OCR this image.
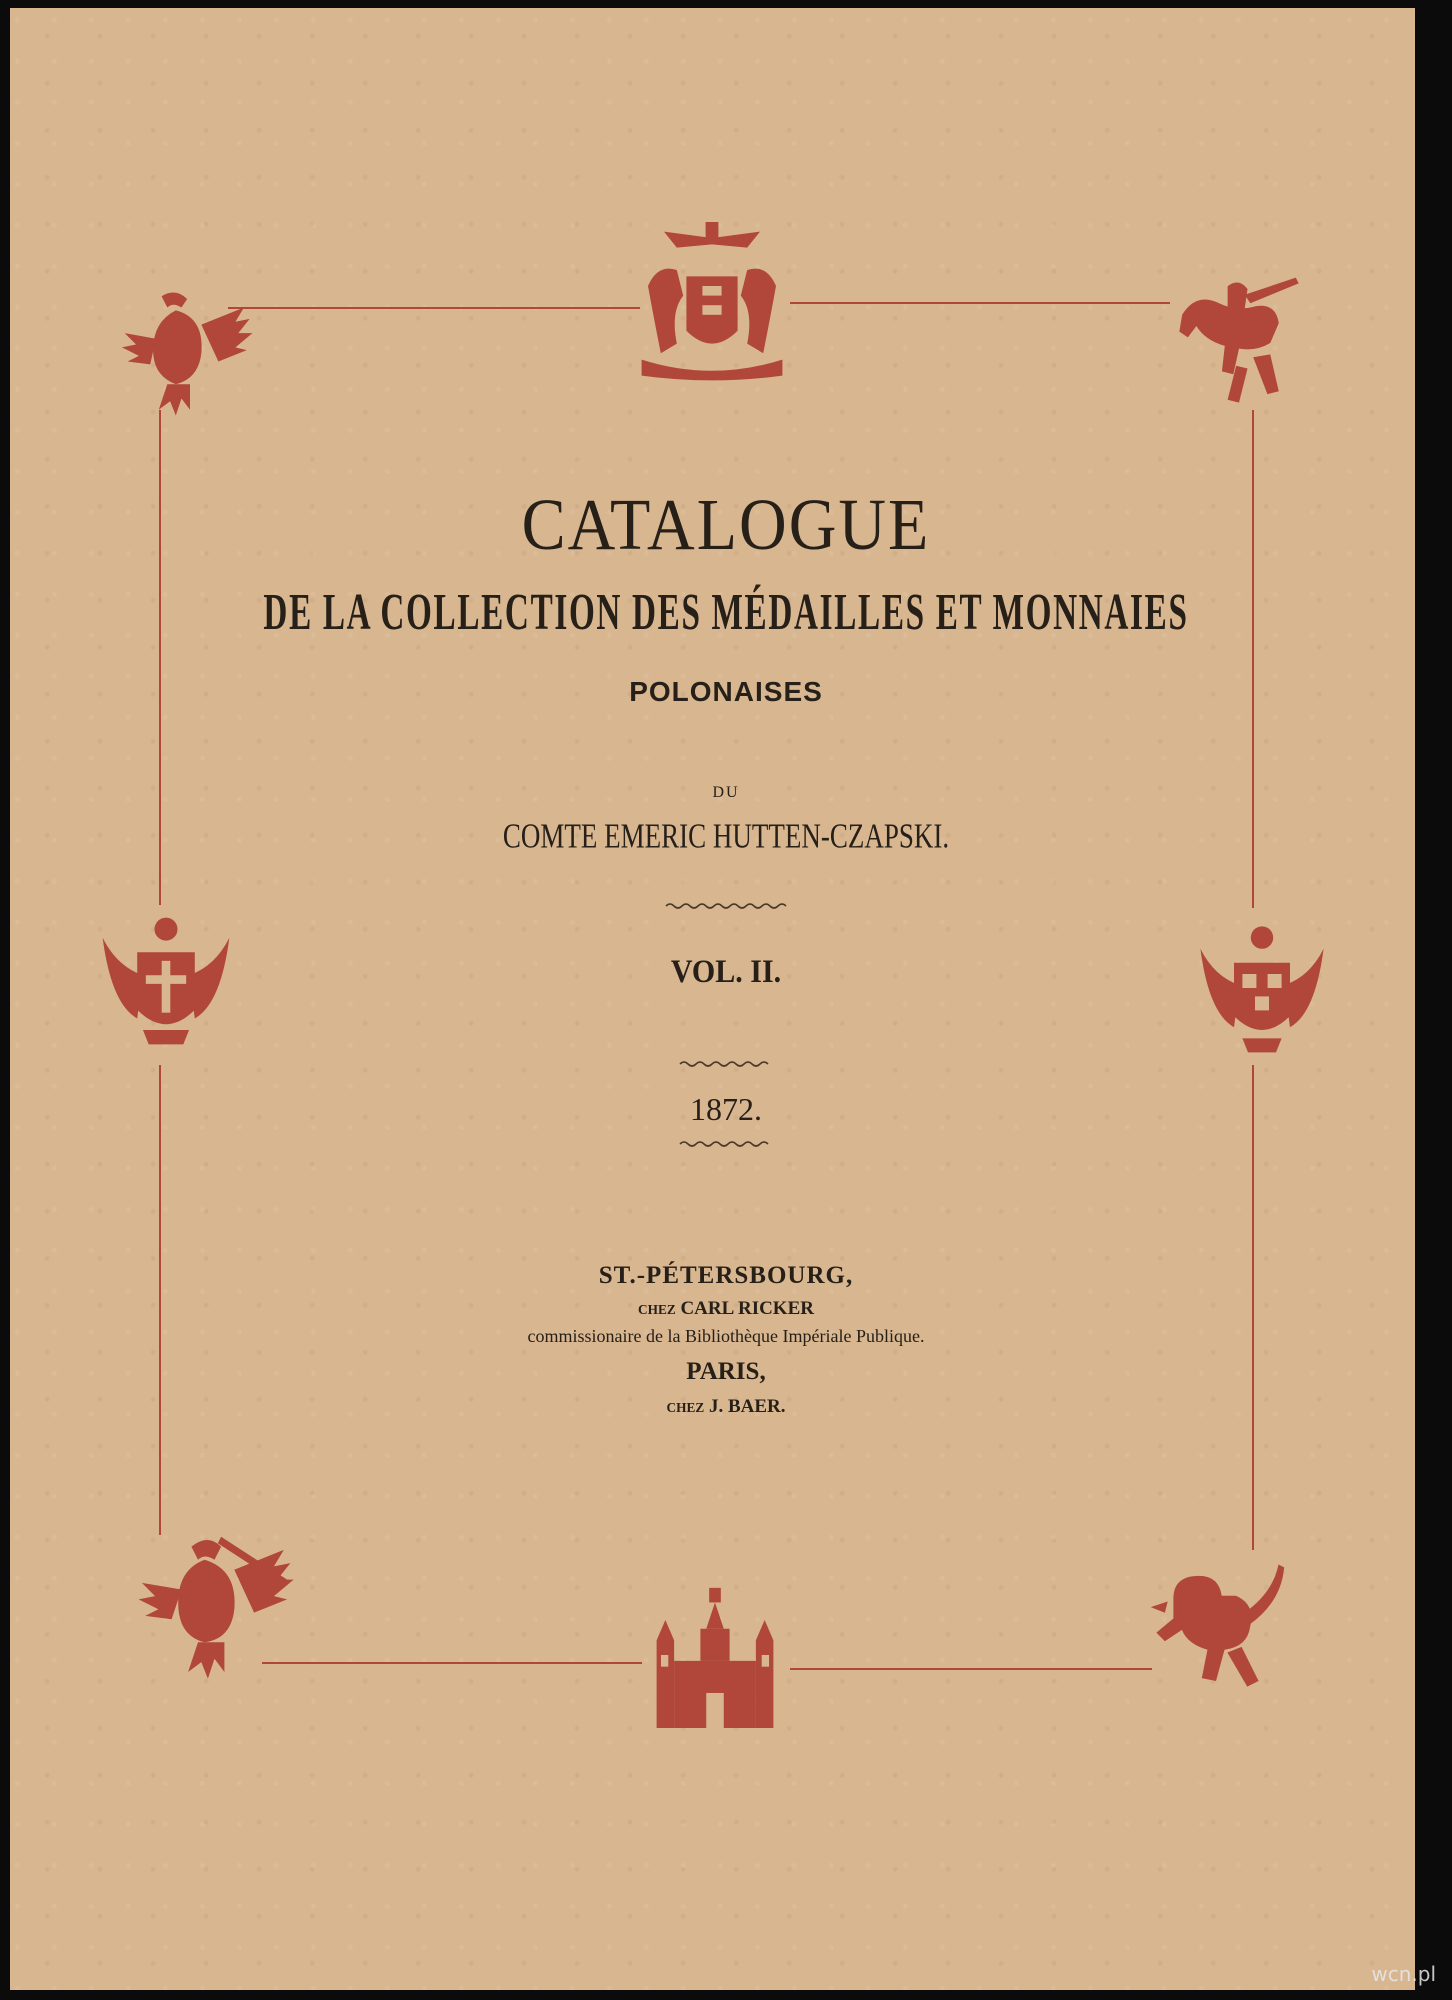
CATALOGUE
DE LA COLLECTION DES MÉDAILLES ET MONNAIES
POLONAISES
DU
COMTE EMERIC HUTTEN-CZAPSKI.
VOL. II.
1872.
ST.-PÉTERSBOURG,
CHEZ CARL RICKER
commissionaire de la Bibliothèque Impériale Publique.
PARIS,
CHEZ J. BAER.
wcn.pl
